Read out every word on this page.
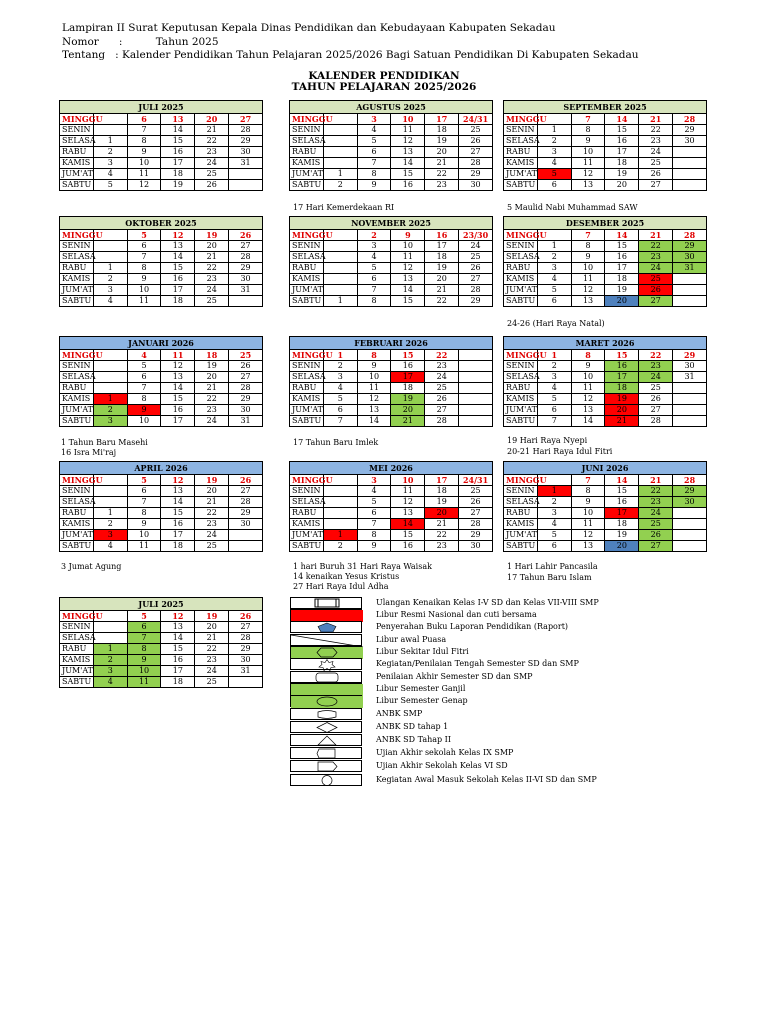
Lampiran II Surat Keputusan Kepala Dinas Pendidikan dan Kebudayaan Kabupaten Sekadau
Nomor      :          Tahun 2025
Tentang   : Kalender Pendidikan Tahun Pelajaran 2025/2026 Bagi Satuan Pendidikan Di Kabupaten Sekadau
KALENDER PENDIDIKAN
TAHUN PELAJARAN 2025/2026
JULI 2025					
MINGGU		6	13	20	27
SENIN		7	14	21	28
SELASA	1	8	15	22	29
RABU	2	9	16	23	30
KAMIS	3	10	17	24	31
JUM'AT	4	11	18	25	
SABTU	5	12	19	26	
AGUSTUS 2025					
MINGGU		3	10	17	24/31
SENIN		4	11	18	25
SELASA		5	12	19	26
RABU		6	13	20	27
KAMIS		7	14	21	28
JUM'AT	1	8	15	22	29
SABTU	2	9	16	23	30
SEPTEMBER 2025					
MINGGU		7	14	21	28
SENIN	1	8	15	22	29
SELASA	2	9	16	23	30
RABU	3	10	17	24	
KAMIS	4	11	18	25	
JUM'AT	5	12	19	26	
SABTU	6	13	20	27	
OKTOBER 2025					
MINGGU		5	12	19	26
SENIN		6	13	20	27
SELASA		7	14	21	28
RABU	1	8	15	22	29
KAMIS	2	9	16	23	30
JUM'AT	3	10	17	24	31
SABTU	4	11	18	25	
NOVEMBER 2025					
MINGGU		2	9	16	23/30
SENIN		3	10	17	24
SELASA		4	11	18	25
RABU		5	12	19	26
KAMIS		6	13	20	27
JUM'AT		7	14	21	28
SABTU	1	8	15	22	29
DESEMBER 2025					
MINGGU		7	14	21	28
SENIN	1	8	15	22	29
SELASA	2	9	16	23	30
RABU	3	10	17	24	31
KAMIS	4	11	18	25	
JUM'AT	5	12	19	26	
SABTU	6	13	20	27	
JANUARI 2026					
MINGGU		4	11	18	25
SENIN		5	12	19	26
SELASA		6	13	20	27
RABU		7	14	21	28
KAMIS	1	8	15	22	29
JUM'AT	2	9	16	23	30
SABTU	3	10	17	24	31
FEBRUARI 2026					
MINGGU	1	8	15	22	
SENIN	2	9	16	23	
SELASA	3	10	17	24	
RABU	4	11	18	25	
KAMIS	5	12	19	26	
JUM'AT	6	13	20	27	
SABTU	7	14	21	28	
MARET 2026					
MINGGU	1	8	15	22	29
SENIN	2	9	16	23	30
SELASA	3	10	17	24	31
RABU	4	11	18	25	
KAMIS	5	12	19	26	
JUM'AT	6	13	20	27	
SABTU	7	14	21	28	
APRIL 2026					
MINGGU		5	12	19	26
SENIN		6	13	20	27
SELASA		7	14	21	28
RABU	1	8	15	22	29
KAMIS	2	9	16	23	30
JUM'AT	3	10	17	24	
SABTU	4	11	18	25	
MEI 2026					
MINGGU		3	10	17	24/31
SENIN		4	11	18	25
SELASA		5	12	19	26
RABU		6	13	20	27
KAMIS		7	14	21	28
JUM'AT	1	8	15	22	29
SABTU	2	9	16	23	30
JUNI 2026					
MINGGU		7	14	21	28
SENIN	1	8	15	22	29
SELASA	2	9	16	23	30
RABU	3	10	17	24	
KAMIS	4	11	18	25	
JUM'AT	5	12	19	26	
SABTU	6	13	20	27	
JULI 2025					
MINGGU		5	12	19	26
SENIN		6	13	20	27
SELASA		7	14	21	28
RABU	1	8	15	22	29
KAMIS	2	9	16	23	30
JUM'AT	3	10	17	24	31
SABTU	4	11	18	25	
17 Hari Kemerdekaan RI	5 Maulid Nabi Muhammad SAW
24-26 (Hari Raya Natal)
1 Tahun Baru Masehi
16 Isra Mi'raj
17 Tahun Baru Imlek	19 Hari Raya Nyepi
20-21 Hari Raya Idul Fitri
3 Jumat Agung	1 hari Buruh 31 Hari Raya Waisak
14 kenaikan Yesus Kristus
27 Hari Raya Idul Adha
1 Hari Lahir Pancasila
17 Tahun Baru Islam
Ulangan Kenaikan Kelas I-V SD dan Kelas VII-VIII SMP
Libur Resmi Nasional dan cuti bersama
Penyerahan Buku Laporan Pendidikan (Raport)
Libur awal Puasa
Libur Sekitar Idul Fitri
Kegiatan/Penilaian Tengah Semester SD dan SMP
Penilaian Akhir Semester SD dan SMP
Libur Semester Ganjil
Libur Semester Genap
ANBK SMP
ANBK SD tahap 1
ANBK SD Tahap II
Ujian Akhir sekolah Kelas IX SMP
Ujian Akhir Sekolah Kelas VI SD
Kegiatan Awal Masuk Sekolah Kelas II-VI SD dan SMP
